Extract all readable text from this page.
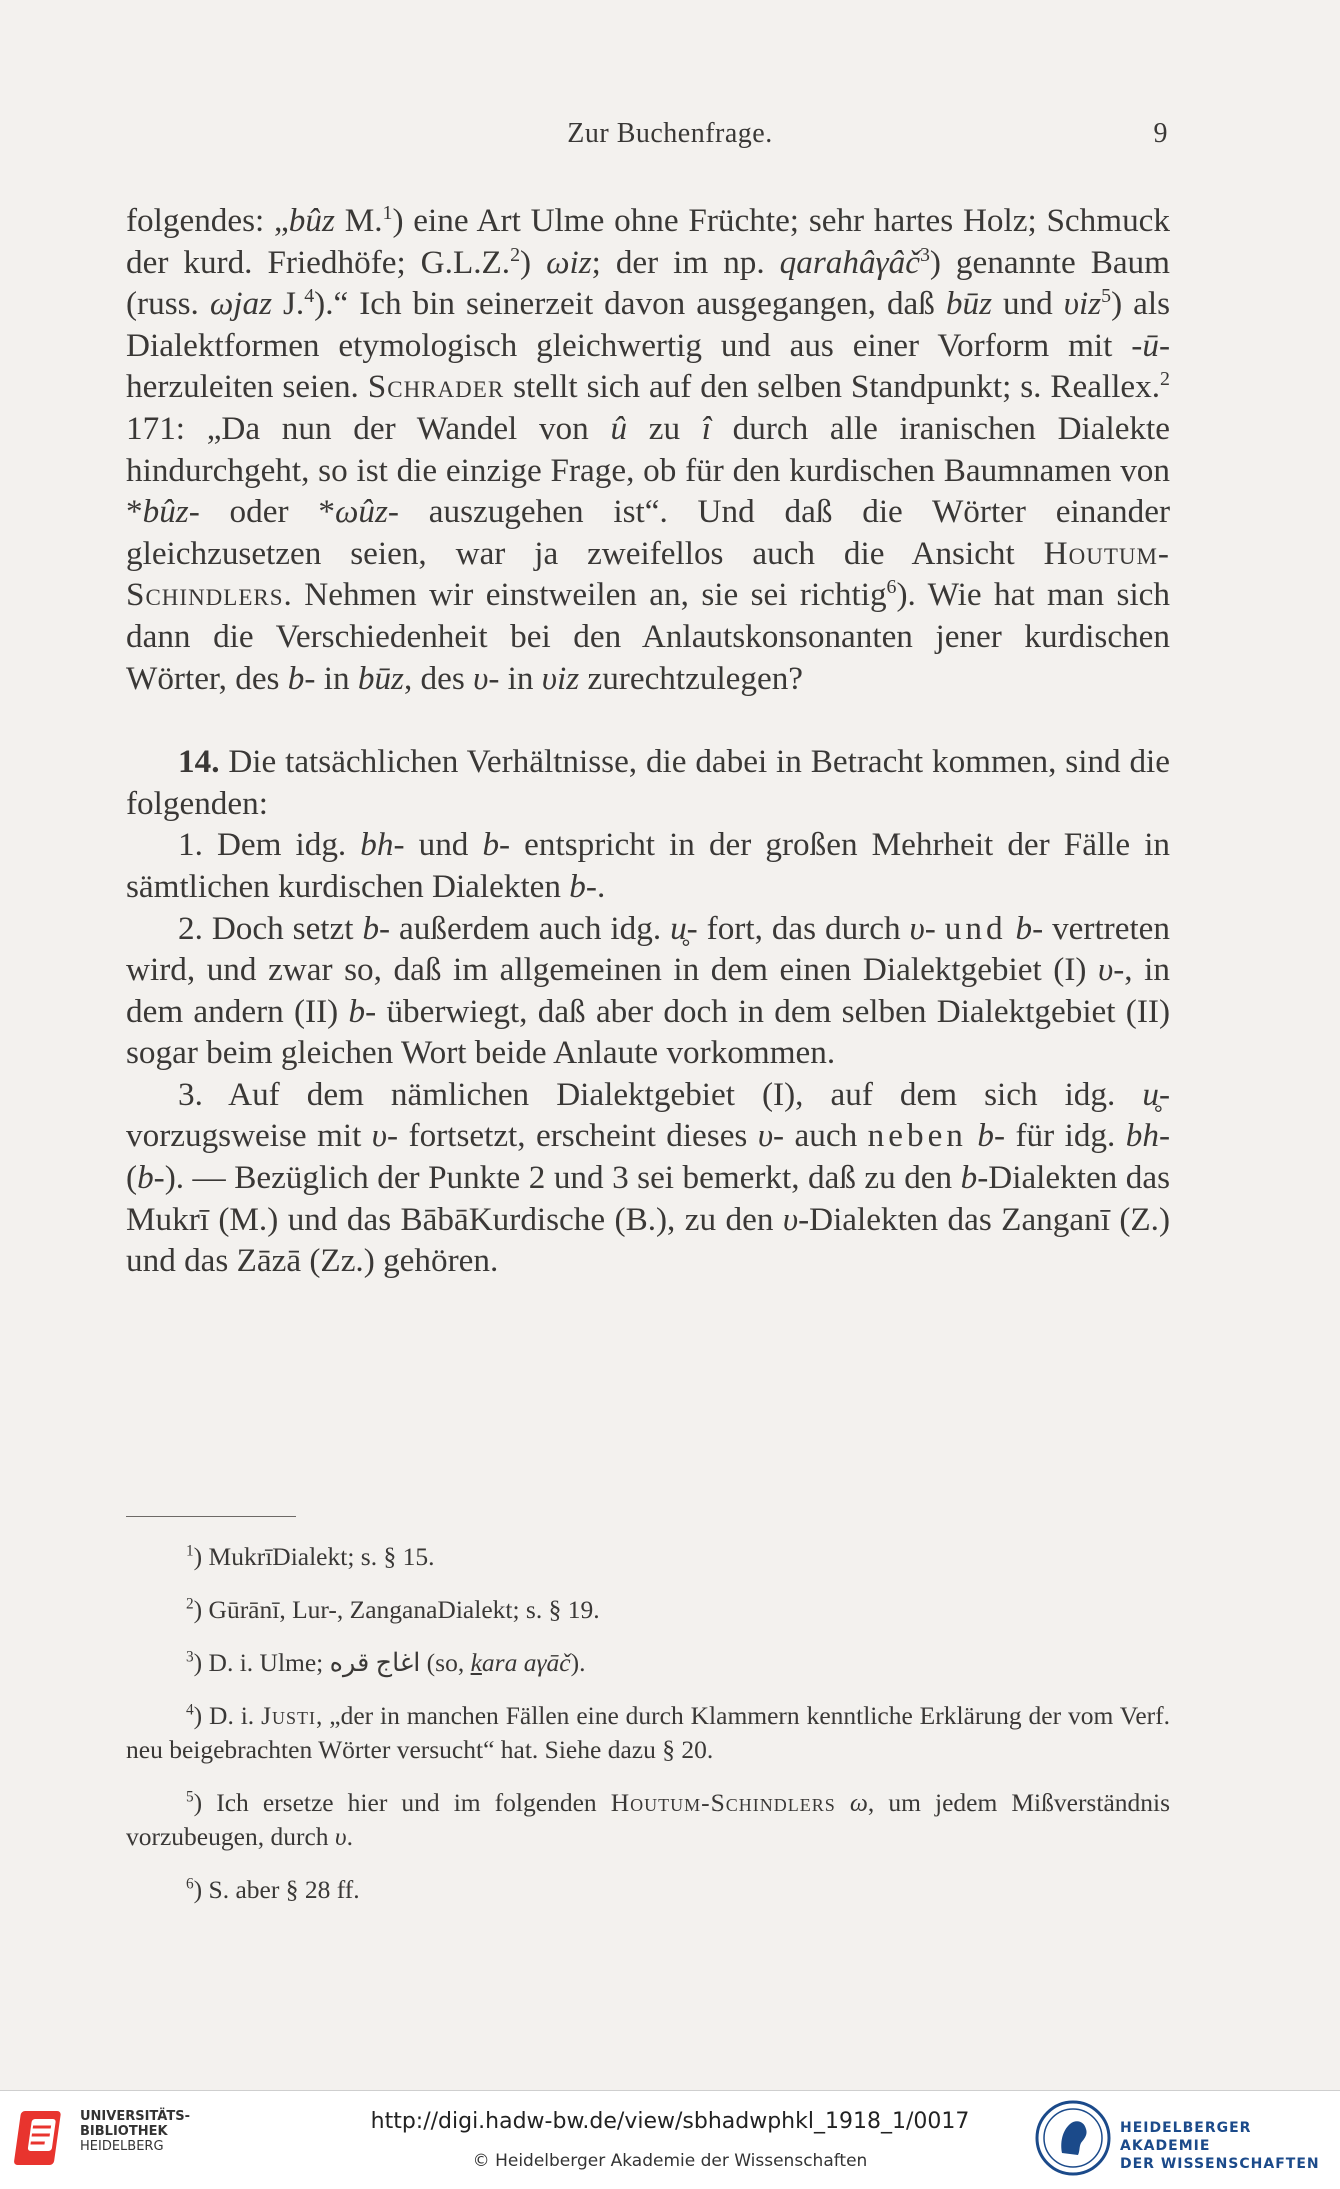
Zur Buchenfrage.	9

folgendes: „bûz M.$^1$) eine Art Ulme ohne Früchte; sehr hartes Holz; Schmuck der kurd. Friedhöfe; G.L.Z.$^2$) ωiz; der im np. qarahâγâč$^3$) genannte Baum (russ. ωjaz J.$^4$).“ Ich bin seinerzeit davon ausgegangen, daß būz und υiz$^5$) als Dialektformen etymologisch gleichwertig und aus einer Vorform mit -ū- herzuleiten seien. Schrader stellt sich auf den selben Standpunkt; s. Reallex.$^2$ 171: „Da nun der Wandel von û zu î durch alle iranischen Dialekte hindurchgeht, so ist die einzige Frage, ob für den kurdischen Baumnamen von *bûz- oder *ωûz- auszugehen ist“. Und daß die Wörter einander gleichzusetzen seien, war ja zweifellos auch die Ansicht Houtum-Schindlers. Nehmen wir einstweilen an, sie sei richtig$^6$). Wie hat man sich dann die Verschiedenheit bei den Anlautskonsonanten jener kurdischen Wörter, des b- in būz, des υ- in υiz zurechtzulegen?

14. Die tatsächlichen Verhältnisse, die dabei in Betracht kommen, sind die folgenden:

1. Dem idg. bh- und b- entspricht in der großen Mehrheit der Fälle in sämtlichen kurdischen Dialekten b-.

2. Doch setzt b- außerdem auch idg. u̥- fort, das durch υ- und b- vertreten wird, und zwar so, daß im allgemeinen in dem einen Dialektgebiet (I) υ-, in dem andern (II) b- überwiegt, daß aber doch in dem selben Dialektgebiet (II) sogar beim gleichen Wort beide Anlaute vorkommen.

3. Auf dem nämlichen Dialektgebiet (I), auf dem sich idg. u̥- vorzugsweise mit υ- fortsetzt, erscheint dieses υ- auch neben b- für idg. bh- (b-). — Bezüglich der Punkte 2 und 3 sei bemerkt, daß zu den b-Dialekten das Mukrī (M.) und das BābāKurdische (B.), zu den υ-Dialekten das Zanganī (Z.) und das Zāzā (Zz.) gehören.

$^1$) MukrīDialekt; s. § 15.

$^2$) Gūrānī, Lur-, ZanganaDialekt; s. § 19.

$^3$) D. i. Ulme; اغاج قره (so, kara aγāč).

$^4$) D. i. Justi, „der in manchen Fällen eine durch Klammern kenntliche Erklärung der vom Verf. neu beigebrachten Wörter versucht“ hat. Siehe dazu § 20.

$^5$) Ich ersetze hier und im folgenden Houtum-Schindlers ω, um jedem Mißverständnis vorzubeugen, durch υ.

$^6$) S. aber § 28 ff.

UNIVERSITÄTS-
BIBLIOTHEK
HEIDELBERG
http://digi.hadw-bw.de/view/sbhadwphkl_1918_1/0017
© Heidelberger Akademie der Wissenschaften
HEIDELBERGER AKADEMIE
DER WISSENSCHAFTEN
